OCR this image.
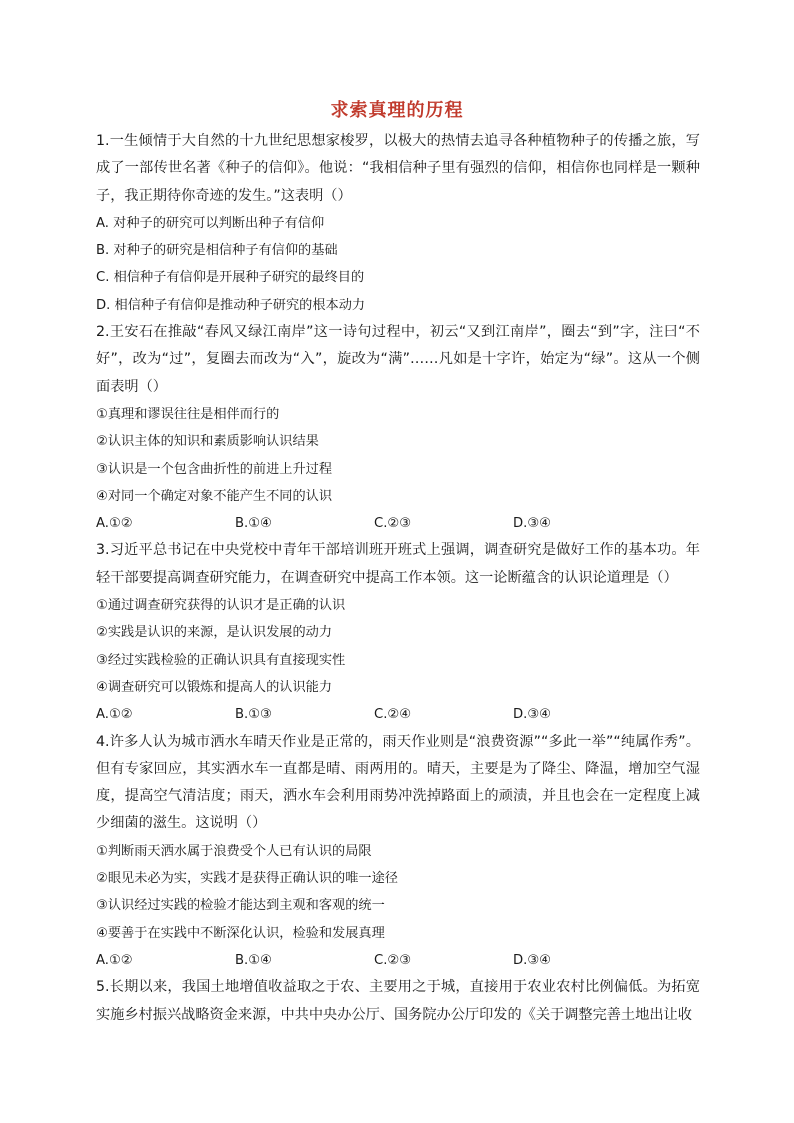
求索真理的历程

1.一生倾情于大自然的十九世纪思想家梭罗，以极大的热情去追寻各种植物种子的传播之旅，写成了一部传世名著《种子的信仰》。他说：“我相信种子里有强烈的信仰，相信你也同样是一颗种子，我正期待你奇迹的发生。”这表明（）

A. 对种子的研究可以判断出种子有信仰

B. 对种子的研究是相信种子有信仰的基础

C. 相信种子有信仰是开展种子研究的最终目的

D. 相信种子有信仰是推动种子研究的根本动力

2.王安石在推敲“春风又绿江南岸”这一诗句过程中，初云“又到江南岸”，圈去“到”字，注曰“不好”，改为“过”，复圈去而改为“入”，旋改为“满”……凡如是十字许，始定为“绿”。这从一个侧面表明（）

①真理和谬误往往是相伴而行的

②认识主体的知识和素质影响认识结果

③认识是一个包含曲折性的前进上升过程

④对同一个确定对象不能产生不同的认识

A.①②	B.①④	C.②③	D.③④

3.习近平总书记在中央党校中青年干部培训班开班式上强调，调查研究是做好工作的基本功。年轻干部要提高调查研究能力，在调查研究中提高工作本领。这一论断蕴含的认识论道理是（）

①通过调查研究获得的认识才是正确的认识

②实践是认识的来源，是认识发展的动力

③经过实践检验的正确认识具有直接现实性

④调查研究可以锻炼和提高人的认识能力

A.①②	B.①③	C.②④	D.③④

4.许多人认为城市洒水车晴天作业是正常的，雨天作业则是“浪费资源”“多此一举”“纯属作秀”。但有专家回应，其实洒水车一直都是晴、雨两用的。晴天，主要是为了降尘、降温，增加空气湿度，提高空气清洁度；雨天，洒水车会利用雨势冲洗掉路面上的顽渍，并且也会在一定程度上减少细菌的滋生。这说明（）

①判断雨天洒水属于浪费受个人已有认识的局限

②眼见未必为实，实践才是获得正确认识的唯一途径

③认识经过实践的检验才能达到主观和客观的统一

④要善于在实践中不断深化认识，检验和发展真理

A.①②	B.①④	C.②③	D.③④

5.长期以来，我国土地增值收益取之于农、主要用之于城，直接用于农业农村比例偏低。为拓宽实施乡村振兴战略资金来源，中共中央办公厅、国务院办公厅印发的《关于调整完善土地出让收
